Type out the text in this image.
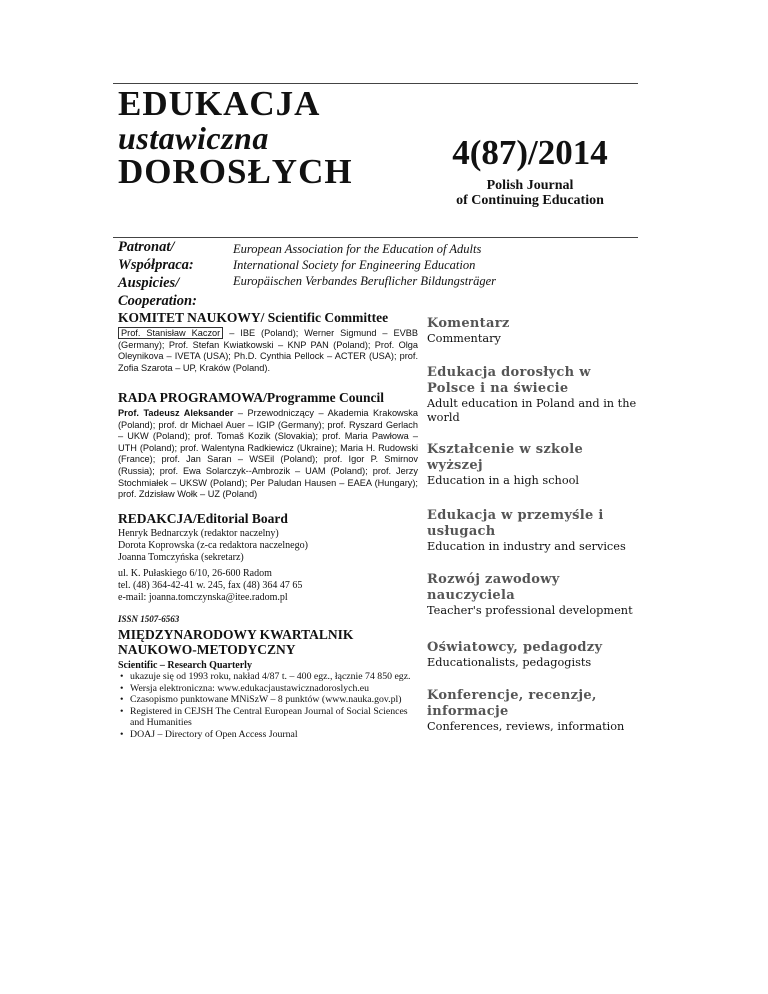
EDUKACJA
ustawiczna
DOROSŁYCH	4(87)/2014
Polish Journal
of Continuing Education
Patronat/
Współpraca:
Auspicies/
Cooperation:
European Association for the Education of Adults
International Society for Engineering Education
Europäischen Verbandes Beruflicher Bildungsträger
KOMITET NAUKOWY/ Scientific Committee
Prof. Stanisław Kaczor – IBE (Poland); Werner Sigmund – EVBB (Germany); Prof. Stefan Kwiatkowski – KNP PAN (Poland); Prof. Olga Oleynikova – IVETA (USA); Ph.D. Cynthia Pellock – ACTER (USA); prof. Zofia Szarota – UP, Kraków (Poland).
RADA PROGRAMOWA/Programme Council
Prof. Tadeusz Aleksander – Przewodniczący – Akademia Krakowska (Poland); prof. dr Michael Auer – IGIP (Germany); prof. Ryszard Gerlach – UKW (Poland); prof. Tomaš Kozik (Slovakia); prof. Maria Pawłowa – UTH (Poland); prof. Walentyna Radkiewicz (Ukraine); Maria H. Rudowski (France); prof. Jan Saran – WSEil (Poland); prof. Igor P. Smirnov (Russia); prof. Ewa Solarczyk--Ambrozik – UAM (Poland); prof. Jerzy Stochmiałek – UKSW (Poland); Per Paludan Hausen – EAEA (Hungary); prof. Zdzisław Wołk – UZ (Poland)
REDAKCJA/Editorial Board
Henryk Bednarczyk (redaktor naczelny)
Dorota Koprowska (z-ca redaktora naczelnego)
Joanna Tomczyńska (sekretarz)
ul. K. Pułaskiego 6/10, 26-600 Radom
tel. (48) 364-42-41 w. 245, fax (48) 364 47 65
e-mail: joanna.tomczynska@itee.radom.pl
ISSN 1507-6563
MIĘDZYNARODOWY KWARTALNIK
NAUKOWO-METODYCZNY
Scientific – Research Quarterly
• ukazuje się od 1993 roku, nakład 4/87 t. – 400 egz., łącznie 74 850 egz.
• Wersja elektroniczna: www.edukacjaustawicznadoroslych.eu
• Czasopismo punktowane MNiSzW – 8 punktów (www.nauka.gov.pl)
• Registered in CEJSH The Central European Journal of Social Sciences and Humanities
• DOAJ – Directory of Open Access Journal
Komentarz
Commentary
Edukacja dorosłych w Polsce i na świecie
Adult education in Poland and in the world
Kształcenie w szkole wyższej
Education in a high school
Edukacja w przemyśle i usługach
Education in industry and services
Rozwój zawodowy nauczyciela
Teacher's professional development
Oświatowcy, pedagodzy
Educationalists, pedagogists
Konferencje, recenzje, informacje
Conferences, reviews, information
